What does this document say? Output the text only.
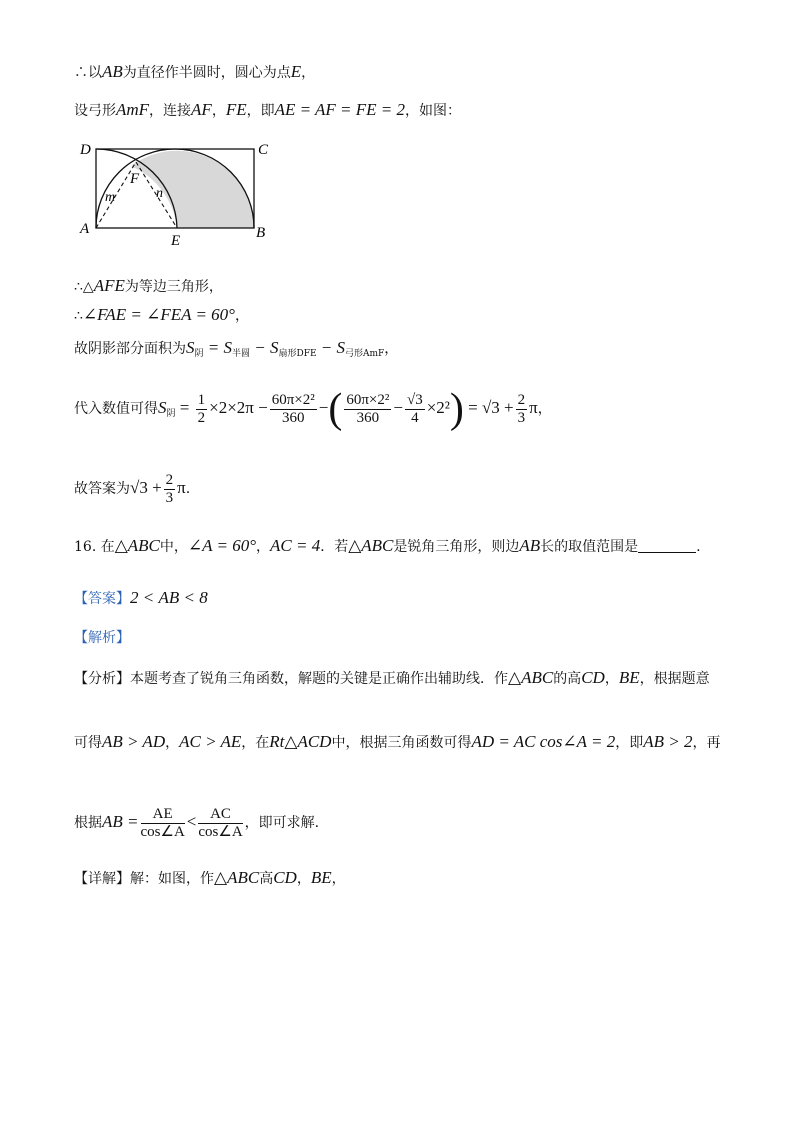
∴以AB为直径作半圆时，圆心为点E，
设弓形AmF，连接AF，FE，即AE = AF = FE = 2，如图：
D	C
F
m	n
A
E	B
∴△AFE为等边三角形，
∴∠FAE = ∠FEA = 60°，
故阴影部分面积为$S_阴 = S_{半圆} - S_{扇形DFE} - S_{弓形AmF}$，
代入数值可得$S_阴 = \frac{1}{2} \times 2\times 2\pi - \frac{\text{60π×2²}}{360}$ −( $\frac{\text{60π×2²}}{360} - \frac{√3}{4} \times 2^2) = √3 + \frac{2}{3}$ π，
故答案为$√3 + \frac{2}{3} \pi$.
16. 在△ABC中，∠A = 60°，AC = 4．若△ABC是锐角三角形，则边AB长的取值范围是	.
【答案】2 < AB < 8
【解析】
【分析】本题考查了锐角三角函数，解题的关键是正确作出辅助线．作△ABC的高CD，BE，根据题意
可得AB > AD，AC > AE，在Rt△ACD中，根据三角函数可得AD = AC cos∠A = 2，即AB > 2，再
根据AB = $\frac{AE}{\cos\angle A} < \frac{AC}{\cos\angle A}$ ，即可求解.
【详解】解：如图，作△ABC高CD，BE，
